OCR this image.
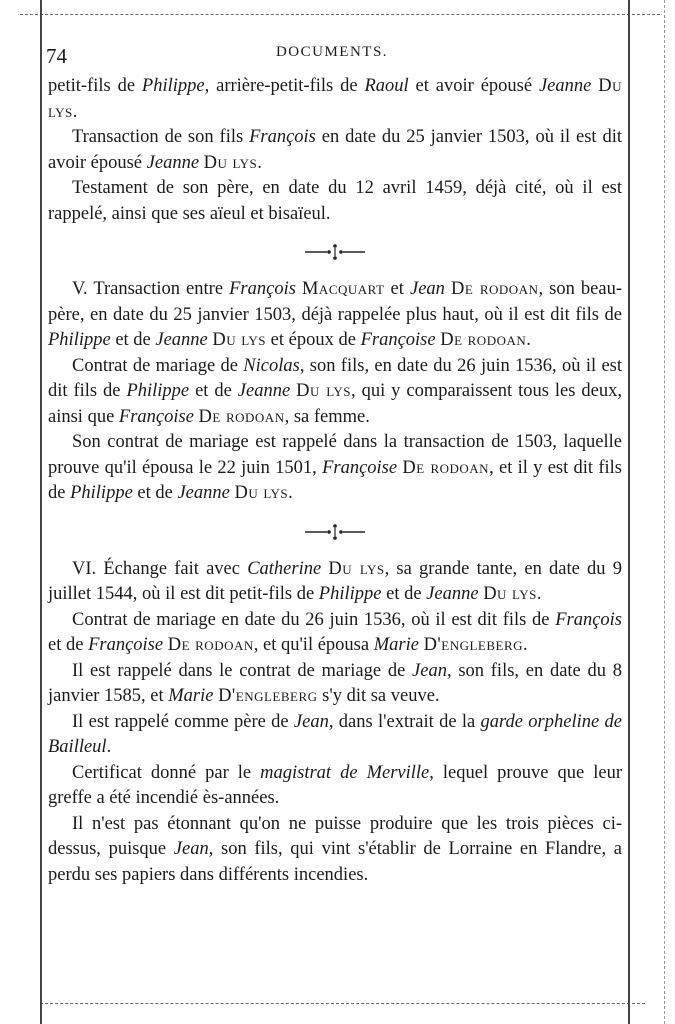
74	DOCUMENTS.

petit-fils de Philippe, arrière-petit-fils de Raoul et avoir épousé Jeanne Du lys.

Transaction de son fils François en date du 25 janvier 1503, où il est dit avoir épousé Jeanne Du lys.

Testament de son père, en date du 12 avril 1459, déjà cité, où il est rappelé, ainsi que ses aïeul et bisaïeul.

V. Transaction entre François Macquart et Jean De rodoan, son beau-père, en date du 25 janvier 1503, déjà rappelée plus haut, où il est dit fils de Philippe et de Jeanne Du lys et époux de Françoise De rodoan.

Contrat de mariage de Nicolas, son fils, en date du 26 juin 1536, où il est dit fils de Philippe et de Jeanne Du lys, qui y comparaissent tous les deux, ainsi que Françoise De rodoan, sa femme.

Son contrat de mariage est rappelé dans la transaction de 1503, laquelle prouve qu'il épousa le 22 juin 1501, Françoise De rodoan, et il y est dit fils de Philippe et de Jeanne Du lys.

VI. Échange fait avec Catherine Du lys, sa grande tante, en date du 9 juillet 1544, où il est dit petit-fils de Philippe et de Jeanne Du lys.

Contrat de mariage en date du 26 juin 1536, où il est dit fils de François et de Françoise De rodoan, et qu'il épousa Marie D'engleberg.

Il est rappelé dans le contrat de mariage de Jean, son fils, en date du 8 janvier 1585, et Marie D'engleberg s'y dit sa veuve.

Il est rappelé comme père de Jean, dans l'extrait de la garde orpheline de Bailleul.

Certificat donné par le magistrat de Merville, lequel prouve que leur greffe a été incendié ès-années.

Il n'est pas étonnant qu'on ne puisse produire que les trois pièces ci-dessus, puisque Jean, son fils, qui vint s'établir de Lorraine en Flandre, a perdu ses papiers dans différents incendies.
